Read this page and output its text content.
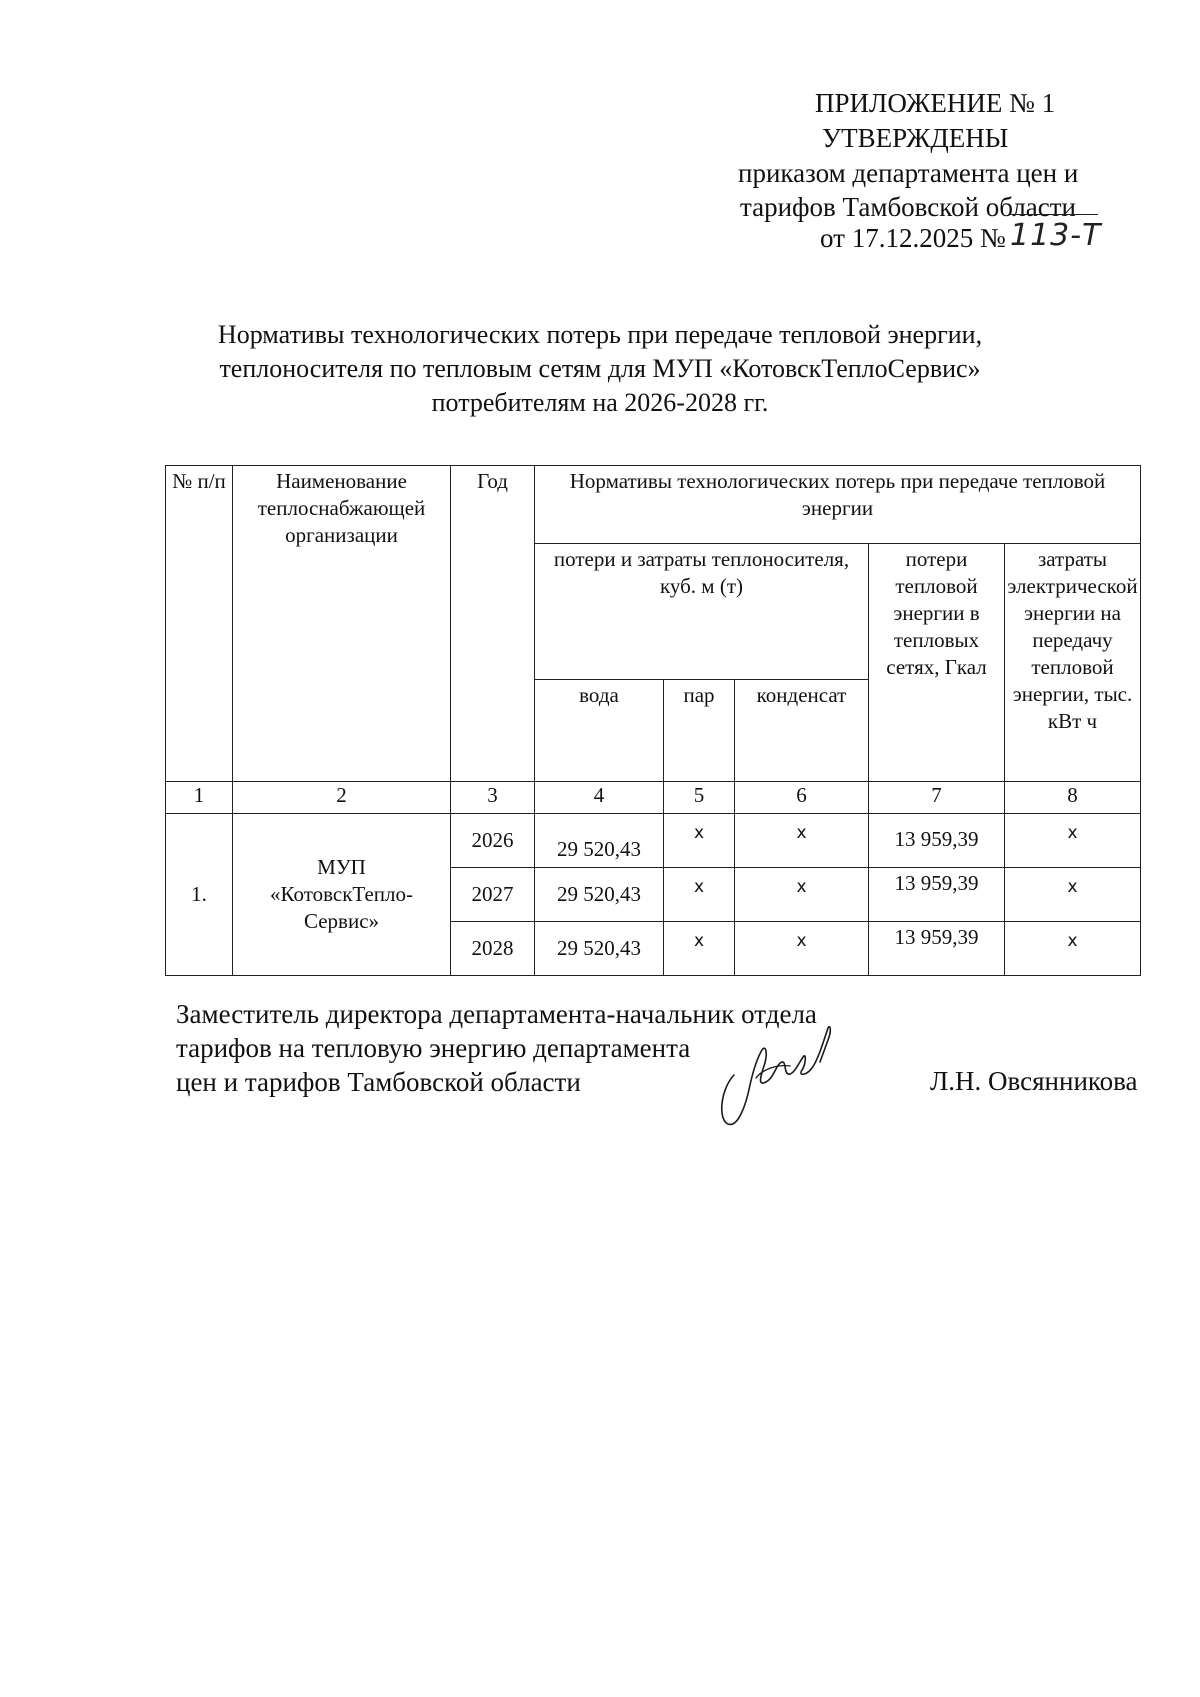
ПРИЛОЖЕНИЕ № 1
УТВЕРЖДЕНЫ
приказом департамента цен и
тарифов Тамбовской области
от 17.12.2025 № 113-Т
Нормативы технологических потерь при передаче тепловой энергии,
теплоносителя по тепловым сетям для МУП «КотовскТеплоСервис»
потребителям на 2026-2028 гг.
№ п/п	Наименование теплоснабжающей организации	Год	Нормативы технологических потерь при передаче тепловой энергии				
			потери и затраты теплоносителя, куб. м (т)			потери тепловой энергии в тепловых сетях, Гкал	затраты электрической энергии на передачу тепловой энергии, тыс. кВт ч
			вода	пар	конденсат		
1	2	3	4	5	6	7	8
1.	МУП «КотовскТепло-Сервис»	2026	29 520,43	х	х	13 959,39	х

		2027	29 520,43	х	х	13 959,39	х

		2028	29 520,43	х	х	13 959,39	х
Заместитель директора департамента-начальник отдела
тарифов на тепловую энергию департамента
цен и тарифов Тамбовской области	Л.Н. Овсянникова
